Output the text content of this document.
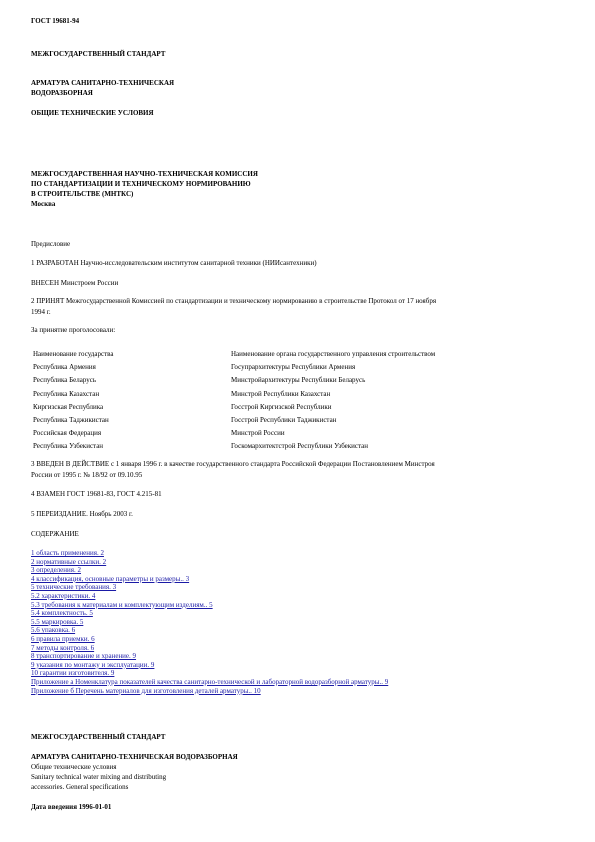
ГОСТ 19681-94
МЕЖГОСУДАРСТВЕННЫЙ СТАНДАРТ
АРМАТУРА САНИТАРНО-ТЕХНИЧЕСКАЯ
ВОДОРАЗБОРНАЯ
ОБЩИЕ ТЕХНИЧЕСКИЕ УСЛОВИЯ
МЕЖГОСУДАРСТВЕННАЯ НАУЧНО-ТЕХНИЧЕСКАЯ КОМИССИЯ
ПО СТАНДАРТИЗАЦИИ И ТЕХНИЧЕСКОМУ НОРМИРОВАНИЮ
В СТРОИТЕЛЬСТВЕ (МНТКС)
Москва
Предисловие
1 РАЗРАБОТАН Научно-исследовательским институтом санитарной техники (НИИсантехники)
ВНЕСЕН Минстроем России
2 ПРИНЯТ Межгосударственной Комиссией по стандартизации и техническому нормированию в строительстве Протокол от 17 ноября
1994 г.
За принятие проголосовали:
Наименование государства	Наименование органа государственного управления строительством
Республика Армения	Госупрархитектуры Республики Армения
Республика Беларусь	Минстройархитектуры Республики Беларусь
Республика Казахстан	Минстрой Республики Казахстан
Киргизская Республика	Госстрой Киргизской Республики
Республика Таджикистан	Госстрой Республики Таджикистан
Российская Федерация	Минстрой России
Республика Узбекистан	Госкомархитектстрой Республики Узбекистан
3 ВВЕДЕН В ДЕЙСТВИЕ с 1 января 1996 г. в качестве государственного стандарта Российской Федерации Постановлением Минстроя
России от 1995 г. № 18/92 от 09.10.95
4 ВЗАМЕН ГОСТ 19681-83, ГОСТ 4.215-81
5 ПЕРЕИЗДАНИЕ. Ноябрь 2003 г.
СОДЕРЖАНИЕ
1 область применения. 2
2 нормативные ссылки. 2
3 определения. 2
4 классификация, основные параметры и размеры.. 3
5 технические требования. 3
5.2 характеристики. 4
5.3 требования к материалам и комплектующим изделиям.. 5
5.4 комплектность. 5
5.5 маркировка. 5
5.6 упаковка. 6
6 правила приемки. 6
7 методы контроля. 6
8 транспортирование и хранение. 9
9 указания по монтажу и эксплуатации. 9
10 гарантии изготовителя. 9
Приложение а Номенклатура показателей качества санитарно-технической и лабораторной водоразборной арматуры.. 9
Приложение б Перечень материалов для изготовления деталей арматуры.. 10
МЕЖГОСУДАРСТВЕННЫЙ СТАНДАРТ
АРМАТУРА САНИТАРНО-ТЕХНИЧЕСКАЯ ВОДОРАЗБОРНАЯ
Общие технические условия
Sanitary technical water mixing and distributing
accessories. General specifications
Дата введения 1996-01-01
